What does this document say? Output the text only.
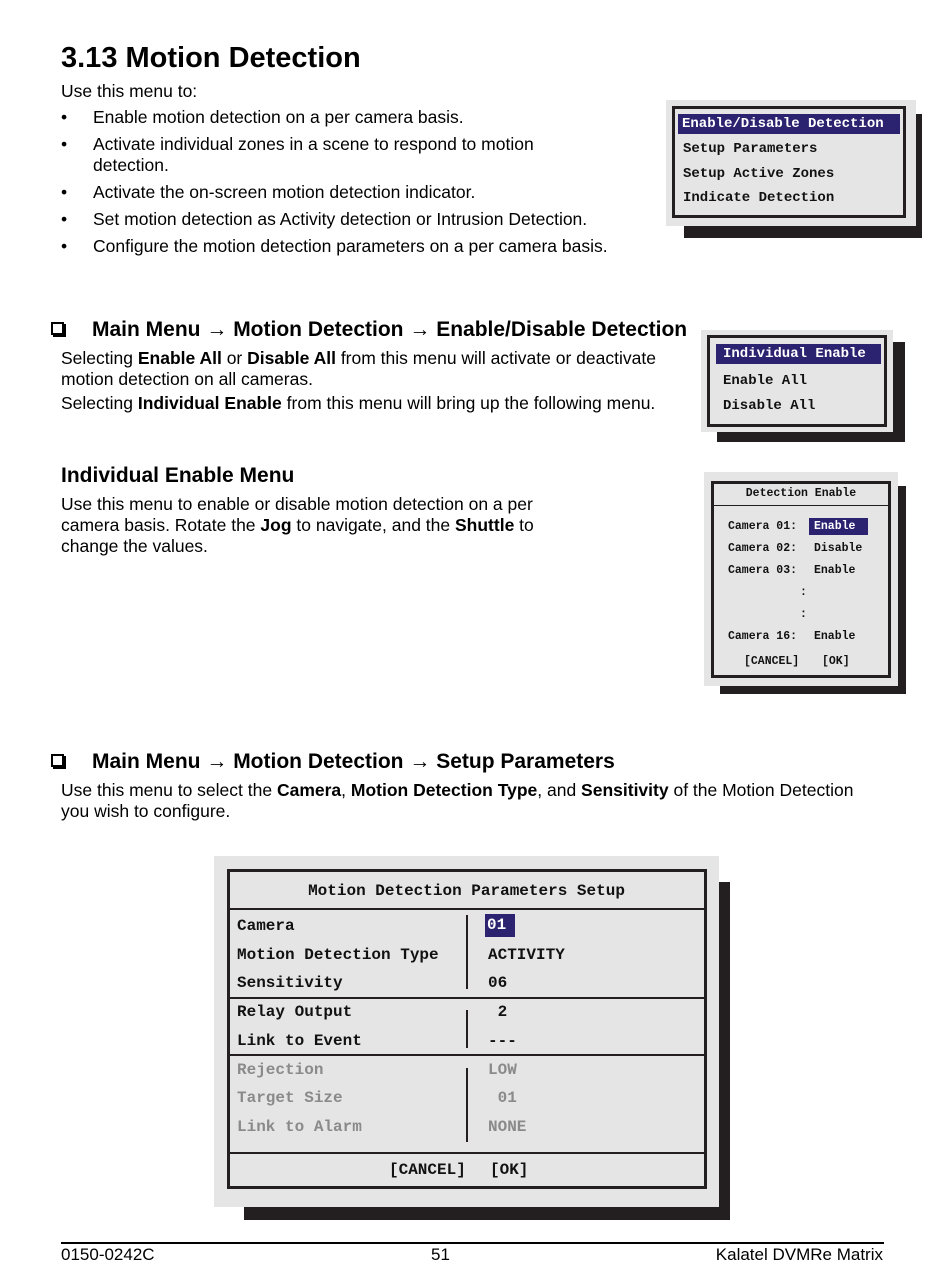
3.13 Motion Detection
Use this menu to:
• Enable motion detection on a per camera basis.
• Activate individual zones in a scene to respond to motion detection.
• Activate the on-screen motion detection indicator.
• Set motion detection as Activity detection or Intrusion Detection.
• Configure the motion detection parameters on a per camera basis.
Enable/Disable Detection
Setup Parameters
Setup Active Zones
Indicate Detection
Main Menu → Motion Detection → Enable/Disable Detection
Selecting Enable All or Disable All from this menu will activate or deactivate motion detection on all cameras.
Selecting Individual Enable from this menu will bring up the following menu.
Individual Enable
Enable All
Disable All
Individual Enable Menu
Use this menu to enable or disable motion detection on a per camera basis. Rotate the Jog to navigate, and the Shuttle to change the values.
Detection Enable
Camera 01:	Enable
Camera 02: Disable
Camera 03: Enable
:
:
Camera 16: Enable
[CANCEL] [OK]
Main Menu → Motion Detection → Setup Parameters
Use this menu to select the Camera, Motion Detection Type, and Sensitivity of the Motion Detection you wish to configure.
Motion Detection Parameters Setup
Camera	01
Motion Detection Type	ACTIVITY
Sensitivity	06
Relay Output	2
Link to Event	---
Rejection	LOW
Target Size	01
Link to Alarm	NONE
[CANCEL] [OK]
0150-0242C	51	Kalatel DVMRe Matrix
